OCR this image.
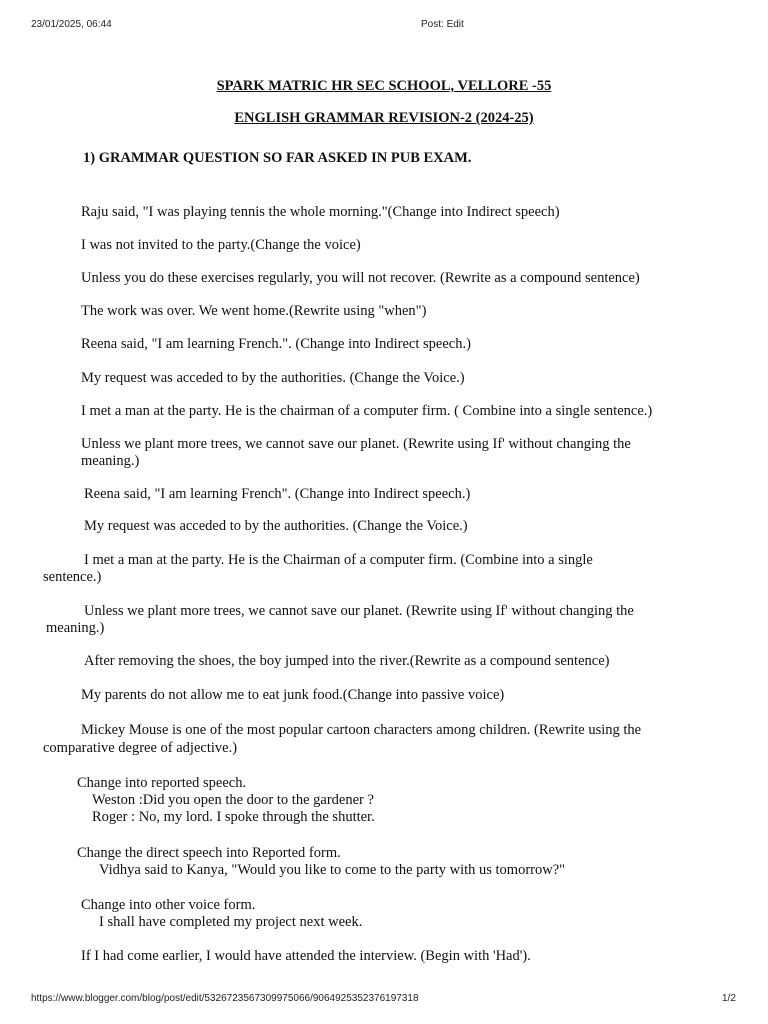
23/01/2025, 06:44	Post: Edit
SPARK MATRIC HR SEC SCHOOL, VELLORE -55
ENGLISH GRAMMAR REVISION-2 (2024-25)
1) GRAMMAR QUESTION SO FAR ASKED IN PUB EXAM.
Raju said, "I was playing tennis the whole morning."(Change into Indirect speech)
I was not invited to the party.(Change the voice)
Unless you do these exercises regularly, you will not recover. (Rewrite as a compound sentence)
The work was over. We went home.(Rewrite using "when")
Reena said, "I am learning French.". (Change into Indirect speech.)
My request was acceded to by the authorities. (Change the Voice.)
I met a man at the party. He is the chairman of a computer firm. ( Combine into a single sentence.)
Unless we plant more trees, we cannot save our planet. (Rewrite using If' without changing the
meaning.)
Reena said, "I am learning French". (Change into Indirect speech.)
My request was acceded to by the authorities. (Change the Voice.)
I met a man at the party. He is the Chairman of a computer firm. (Combine into a single
sentence.)
Unless we plant more trees, we cannot save our planet. (Rewrite using If' without changing the
meaning.)
After removing the shoes, the boy jumped into the river.(Rewrite as a compound sentence)
My parents do not allow me to eat junk food.(Change into passive voice)
Mickey Mouse is one of the most popular cartoon characters among children. (Rewrite using the
comparative degree of adjective.)
Change into reported speech.
Weston :Did you open the door to the gardener ?
Roger : No, my lord. I spoke through the shutter.
Change the direct speech into Reported form.
Vidhya said to Kanya, "Would you like to come to the party with us tomorrow?"
Change into other voice form.
I shall have completed my project next week.
If I had come earlier, I would have attended the interview. (Begin with 'Had').
https://www.blogger.com/blog/post/edit/5326723567309975066/9064925352376197318	1/2
